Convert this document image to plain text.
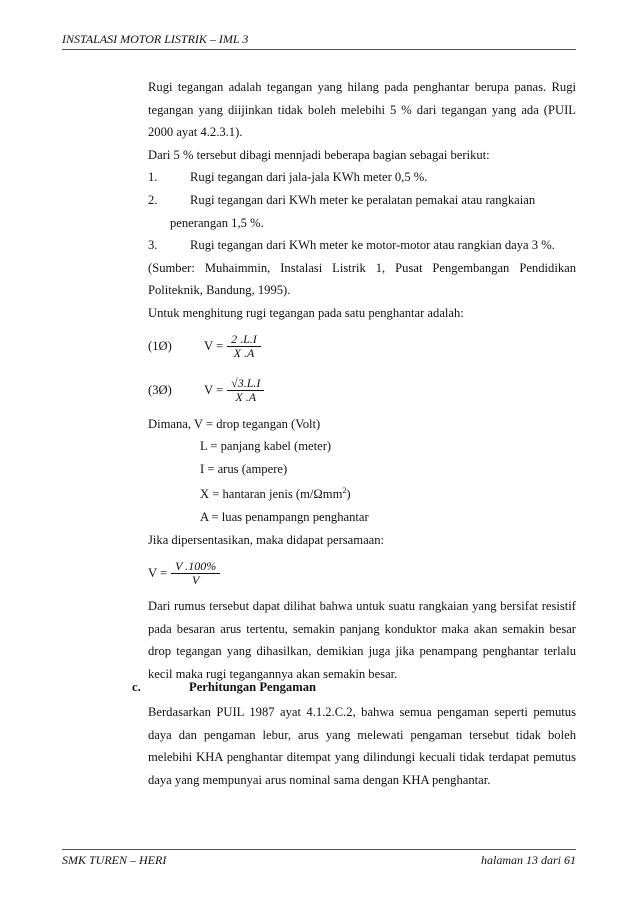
INSTALASI MOTOR LISTRIK – IML 3

Rugi tegangan adalah tegangan yang hilang pada penghantar berupa panas. Rugi tegangan yang diijinkan tidak boleh melebihi 5 % dari tegangan yang ada (PUIL 2000 ayat 4.2.3.1).

Dari 5 % tersebut dibagi mennjadi beberapa bagian sebagai berikut:

1.	Rugi tegangan dari jala-jala KWh meter 0,5 %.
2.	Rugi tegangan dari KWh meter ke peralatan pemakai atau rangkaian

penerangan 1,5 %.

3.	Rugi tegangan dari KWh meter ke motor-motor atau rangkian daya 3 %.

(Sumber: Muhaimmin, Instalasi Listrik 1, Pusat Pengembangan Pendidikan Politeknik, Bandung, 1995).

Untuk menghitung rugi tegangan pada satu penghantar adalah:

(1Ø)	$V = \frac{2 .L.I}{X .A}$
(3Ø)	$V = \frac{√3.L.I}{X .A}$

Dimana, V = drop tegangan (Volt)

L = panjang kabel (meter)

I = arus (ampere)

X = hantaran jenis (m/Ωmm$^2$)

A = luas penampangn penghantar

Jika dipersentasikan, maka didapat persamaan:

$V = \frac{V .100\%}{V}$

Dari rumus tersebut dapat dilihat bahwa untuk suatu rangkaian yang bersifat resistif pada besaran arus tertentu, semakin panjang konduktor maka akan semakin besar drop tegangan yang dihasilkan, demikian juga jika penampang penghantar terlalu kecil maka rugi tegangannya akan semakin besar.

c.	Perhitungan Pengaman

Berdasarkan PUIL 1987 ayat 4.1.2.C.2, bahwa semua pengaman seperti pemutus daya dan pengaman lebur, arus yang melewati pengaman tersebut tidak boleh melebihi KHA penghantar ditempat yang dilindungi kecuali tidak terdapat pemutus daya yang mempunyai arus nominal sama dengan KHA penghantar.

SMK TUREN – HERI	halaman 13 dari 61
